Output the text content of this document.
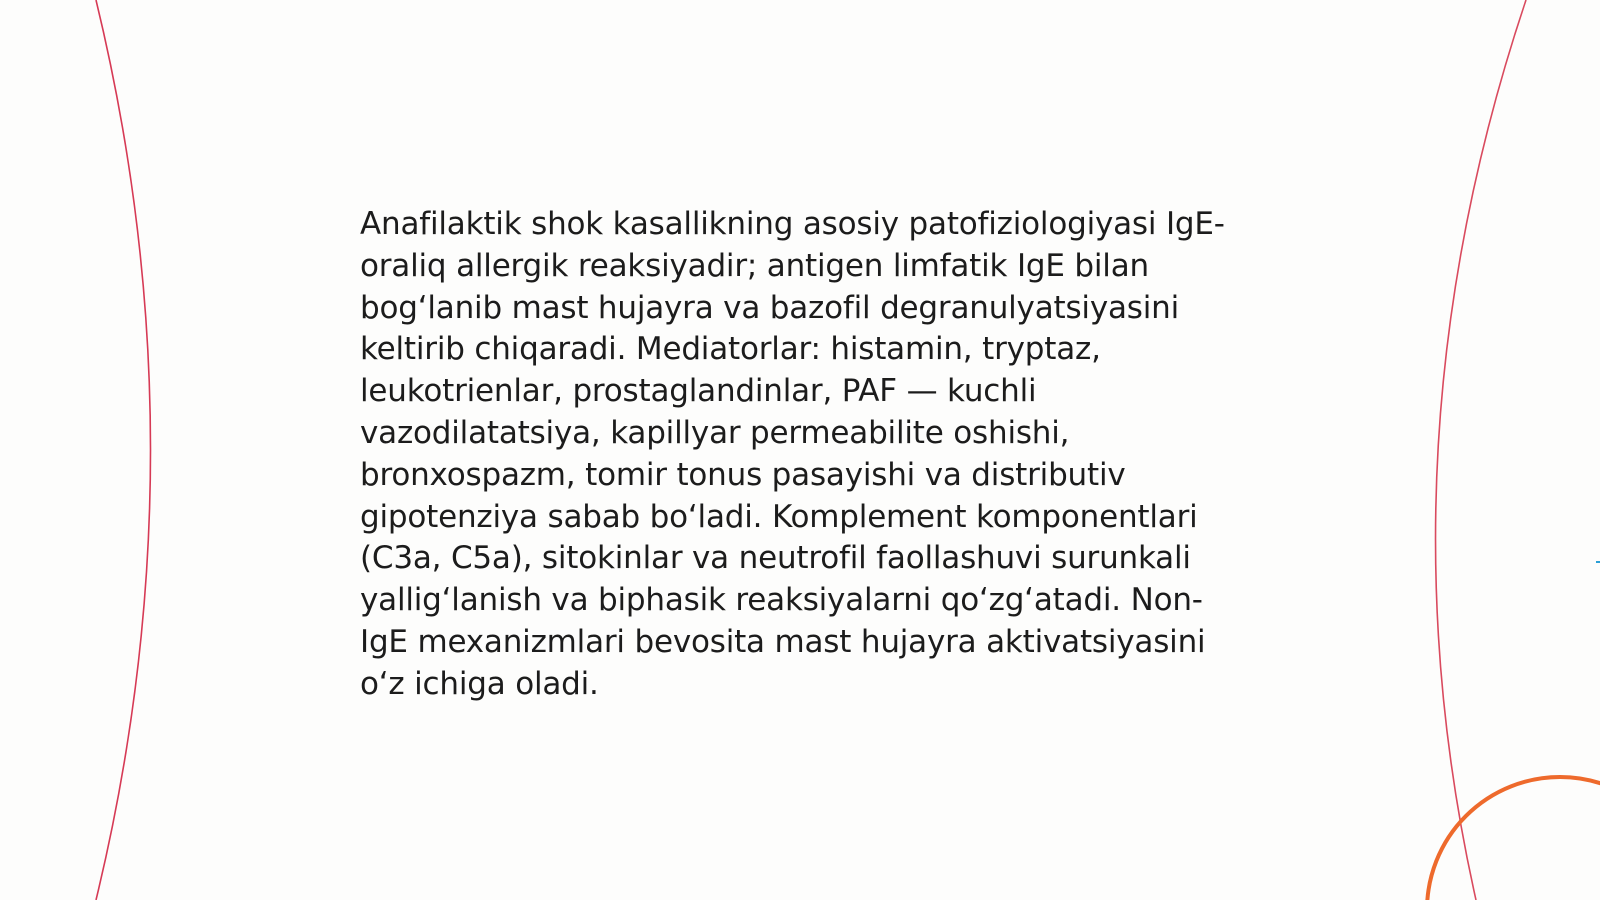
Anafilaktik shok kasallikning asosiy patofiziologiyasi IgE-oraliq allergik reaksiyadir; antigen limfatik IgE bilan bog‘lanib mast hujayra va bazofil degranulyatsiyasini keltirib chiqaradi. Mediatorlar: histamin, tryptaz, leukotrienlar, prostaglandinlar, PAF — kuchli vazodilatatsiya, kapillyar permeabilite oshishi, bronxospazm, tomir tonus pasayishi va distributiv gipotenziya sabab bo‘ladi. Komplement komponentlari (C3a, C5a), sitokinlar va neutrofil faollashuvi surunkali yallig‘lanish va biphasik reaksiyalarni qo‘zg‘atadi. Non-IgE mexanizmlari bevosita mast hujayra aktivatsiyasini o‘z ichiga oladi.
